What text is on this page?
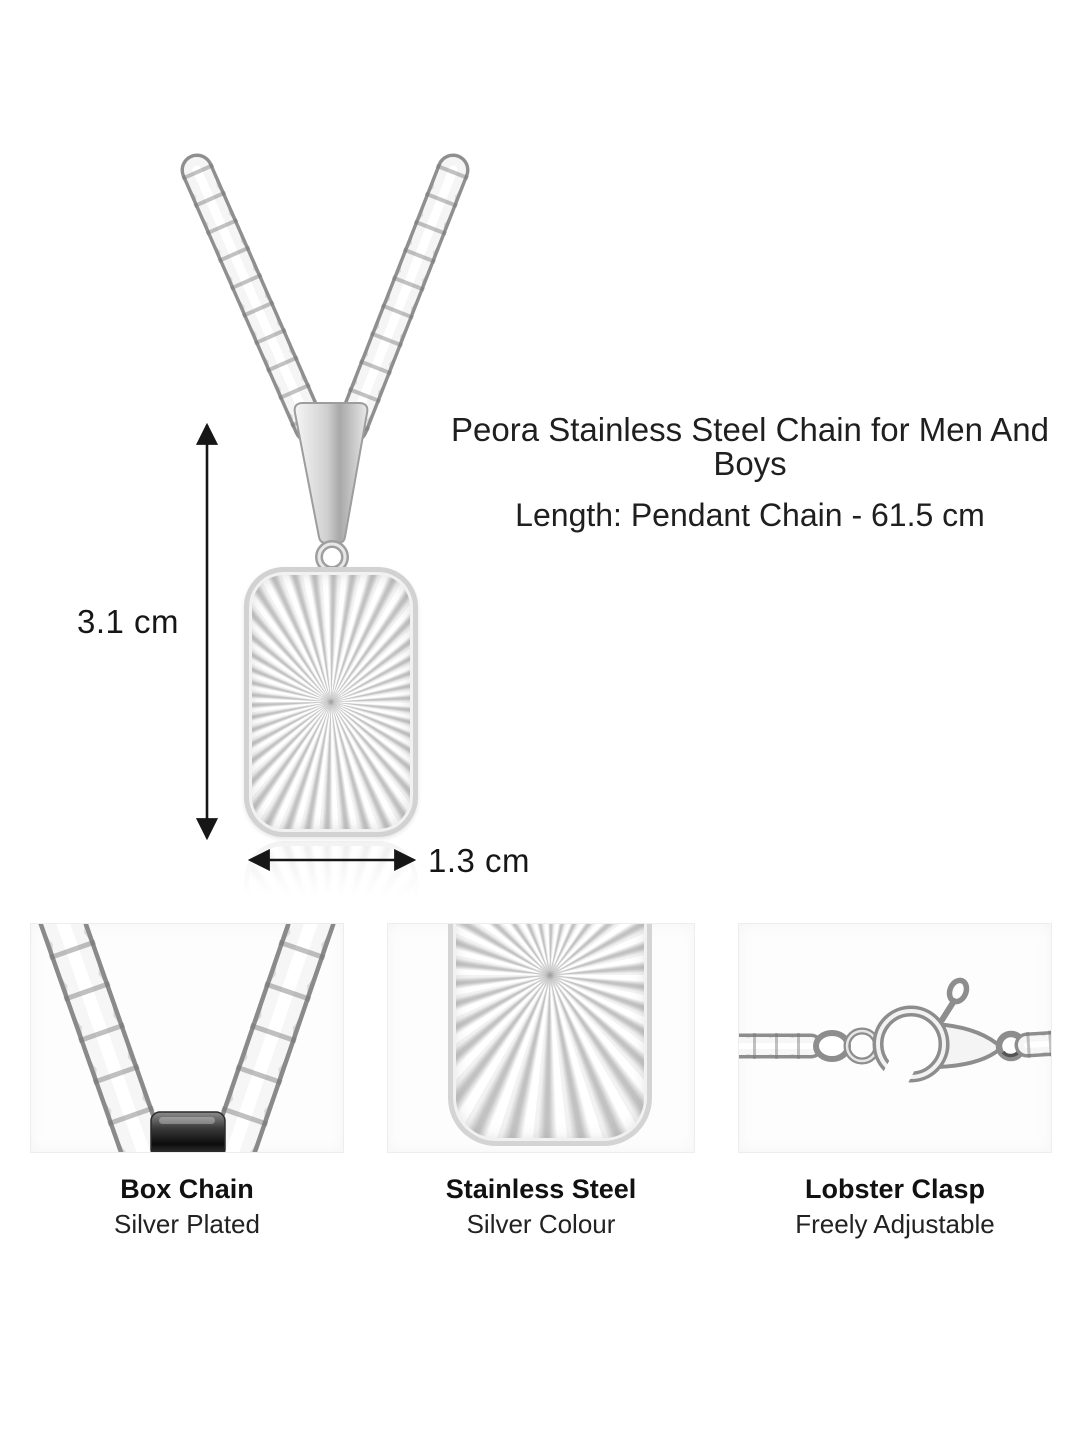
3.1 cm
1.3 cm
Peora Stainless Steel Chain for Men And Boys
Length: Pendant Chain - 61.5 cm
Box Chain
Silver Plated
Stainless Steel
Silver Colour
Lobster Clasp
Freely Adjustable
